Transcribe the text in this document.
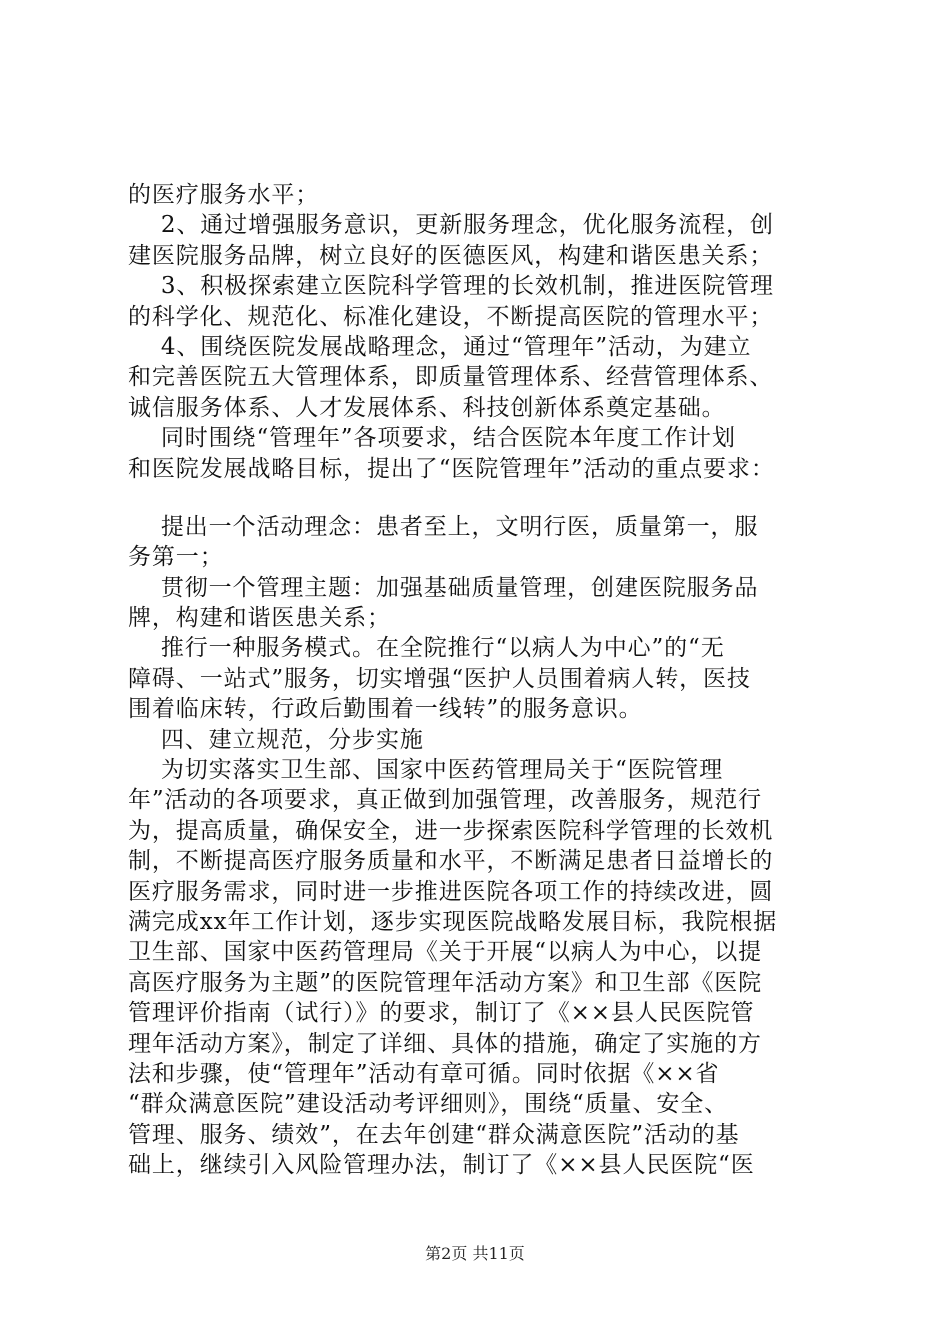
的医疗服务水平；
2、通过增强服务意识，更新服务理念，优化服务流程，创
建医院服务品牌，树立良好的医德医风，构建和谐医患关系；
3、积极探索建立医院科学管理的长效机制，推进医院管理
的科学化、规范化、标准化建设，不断提高医院的管理水平；
4、围绕医院发展战略理念，通过“管理年”活动，为建立
和完善医院五大管理体系，即质量管理体系、经营管理体系、
诚信服务体系、人才发展体系、科技创新体系奠定基础。
同时围绕“管理年”各项要求，结合医院本年度工作计划
和医院发展战略目标，提出了“医院管理年”活动的重点要求：
提出一个活动理念：患者至上，文明行医，质量第一，服
务第一；
贯彻一个管理主题：加强基础质量管理，创建医院服务品
牌，构建和谐医患关系；
推行一种服务模式。在全院推行“以病人为中心”的“无
障碍、一站式”服务，切实增强“医护人员围着病人转，医技
围着临床转，行政后勤围着一线转”的服务意识。
四、建立规范，分步实施
为切实落实卫生部、国家中医药管理局关于“医院管理
年”活动的各项要求，真正做到加强管理，改善服务，规范行
为，提高质量，确保安全，进一步探索医院科学管理的长效机
制，不断提高医疗服务质量和水平，不断满足患者日益增长的
医疗服务需求，同时进一步推进医院各项工作的持续改进，圆
满完成xx年工作计划，逐步实现医院战略发展目标，我院根据
卫生部、国家中医药管理局《关于开展“以病人为中心，以提
高医疗服务为主题”的医院管理年活动方案》和卫生部《医院
管理评价指南（试行）》的要求，制订了《××县人民医院管
理年活动方案》，制定了详细、具体的措施，确定了实施的方
法和步骤，使“管理年”活动有章可循。同时依据《××省
“群众满意医院”建设活动考评细则》，围绕“质量、安全、
管理、服务、绩效”，在去年创建“群众满意医院”活动的基
础上，继续引入风险管理办法，制订了《××县人民医院“医
第2页 共11页
